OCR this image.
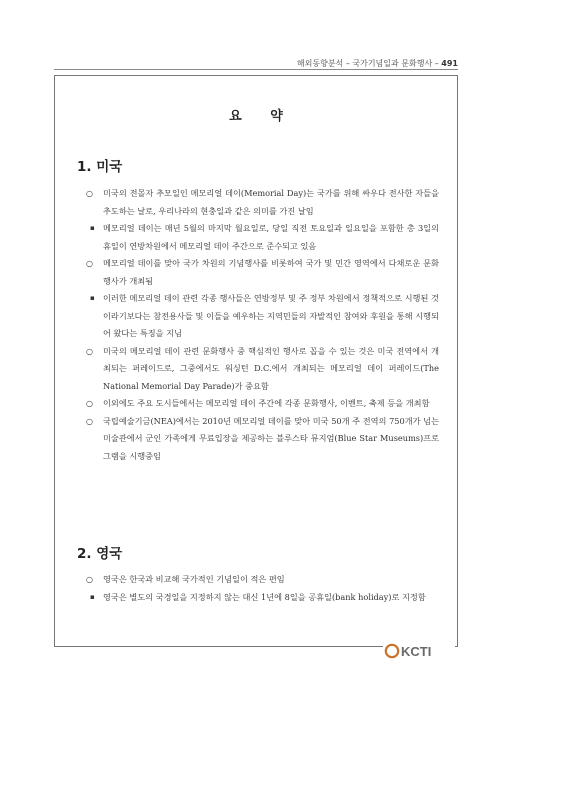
해외동향분석 – 국가기념일과 문화행사 – 491
요 약
1. 미국
○ 미국의 전몰자 추모일인 메모리얼 데이(Memorial Day)는 국가를 위해 싸우다 전사한 자들을 추도하는 날로, 우리나라의 현충일과 같은 의미를 가진 날임
▪ 메모리얼 데이는 매년 5월의 마지막 월요일로, 당일 직전 토요일과 일요일을 포함한 총 3일의 휴일이 연방차원에서 메모리얼 데이 주간으로 준수되고 있음
○ 메모리얼 데이를 맞아 국가 차원의 기념행사를 비롯하여 국가 및 민간 영역에서 다채로운 문화행사가 개최됨
▪ 이러한 메모리얼 데이 관련 각종 행사들은 연방정부 및 주 정부 차원에서 정책적으로 시행된 것이라기보다는 참전용사들 및 이들을 예우하는 지역민들의 자발적인 참여와 후원을 통해 시행되어 왔다는 특징을 지님
○ 미국의 메모리얼 데이 관련 문화행사 중 핵심적인 행사로 꼽을 수 있는 것은 미국 전역에서 개최되는 퍼레이드로, 그중에서도 워싱턴 D.C.에서 개최되는 메모리얼 데이 퍼레이드(The National Memorial Day Parade)가 중요함
○ 이외에도 주요 도시들에서는 메모리얼 데이 주간에 각종 문화행사, 이벤트, 축제 등을 개최함
○ 국립예술기금(NEA)에서는 2010년 메모리얼 데이를 맞아 미국 50개 주 전역의 750개가 넘는 미술관에서 군인 가족에게 무료입장을 제공하는 블루스타 뮤지엄(Blue Star Museums)프로그램을 시행중임
2. 영국
○ 영국은 한국과 비교해 국가적인 기념일이 적은 편임
▪ 영국은 별도의 국경일을 지정하지 않는 대신 1년에 8일을 공휴일(bank holiday)로 지정함
KCTI
